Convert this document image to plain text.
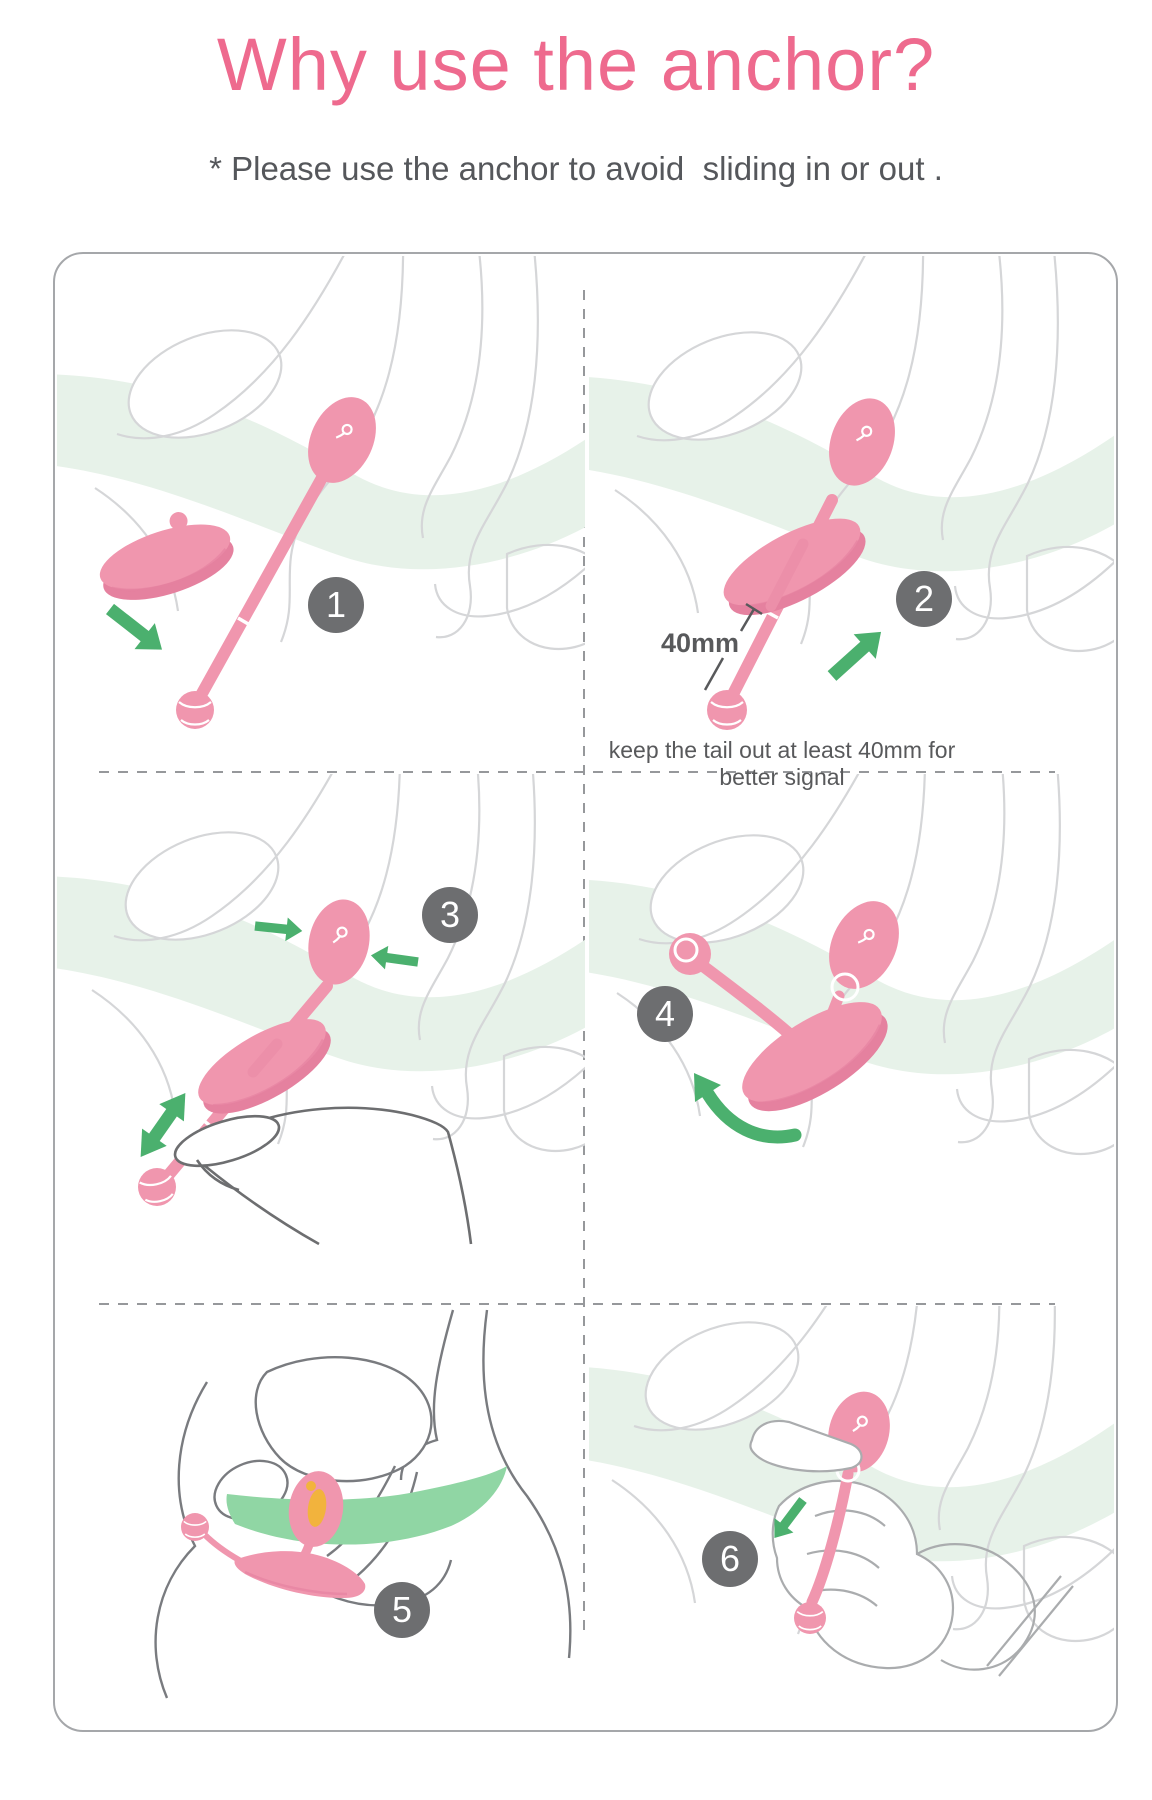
Why use the anchor?

* Please use the anchor to avoid  sliding in or out .

1	2
3
4
5
6
40mm
keep the tail out at least 40mm for better signal
